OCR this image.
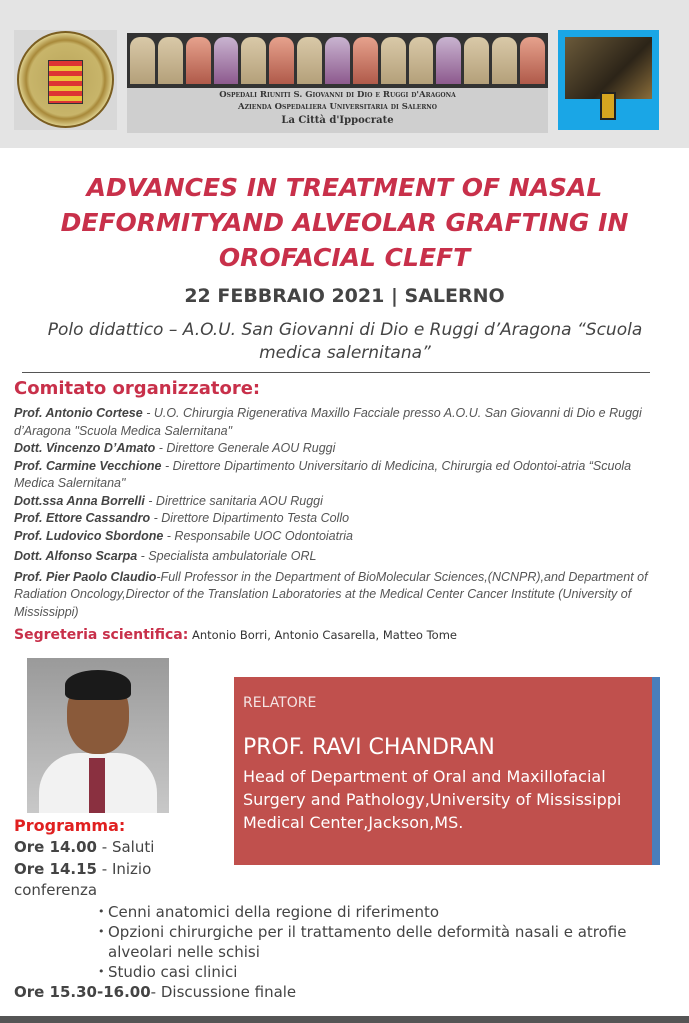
Ospedali Riuniti S. Giovanni di Dio e Ruggi d'Aragona
Azienda Ospedaliera Universitaria di Salerno
La Città d'Ippocrate
ADVANCES IN TREATMENT OF NASAL
DEFORMITYAND ALVEOLAR GRAFTING IN
OROFACIAL CLEFT
22 FEBBRAIO 2021 | SALERNO
Polo didattico – A.O.U. San Giovanni di Dio e Ruggi d’Aragona “Scuola medica salernitana”
Comitato organizzatore:
Prof. Antonio Cortese - U.O. Chirurgia Rigenerativa Maxillo Facciale presso A.O.U. San Giovanni di Dio e Ruggi d’Aragona "Scuola Medica Salernitana"
Dott. Vincenzo D’Amato - Direttore Generale AOU Ruggi
Prof. Carmine Vecchione - Direttore Dipartimento Universitario di Medicina, Chirurgia ed Odontoi-atria “Scuola Medica Salernitana"
Dott.ssa Anna Borrelli - Direttrice sanitaria AOU Ruggi
Prof. Ettore Cassandro - Direttore Dipartimento Testa Collo
Prof. Ludovico Sbordone - Responsabile UOC Odontoiatria
Dott. Alfonso Scarpa - Specialista ambulatoriale ORL
Prof. Pier Paolo Claudio-Full Professor in the Department of BioMolecular Sciences,(NCNPR),and Department of Radiation Oncology,Director of the Translation Laboratories at the Medical Center Cancer Institute (University of Mississippi)
Segreteria scientifica: Antonio Borri, Antonio Casarella, Matteo Tome
RELATORE
PROF. RAVI CHANDRAN
Head of Department of Oral and Maxillofacial Surgery and Pathology,University of Mississippi Medical Center,Jackson,MS.
Programma:
Ore 14.00 - Saluti
Ore 14.15 - Inizio conferenza
• Cenni anatomici della regione di riferimento
• Opzioni chirurgiche per il trattamento delle deformità nasali e atrofie alveolari nelle schisi
• Studio casi clinici
Ore 15.30-16.00- Discussione finale
